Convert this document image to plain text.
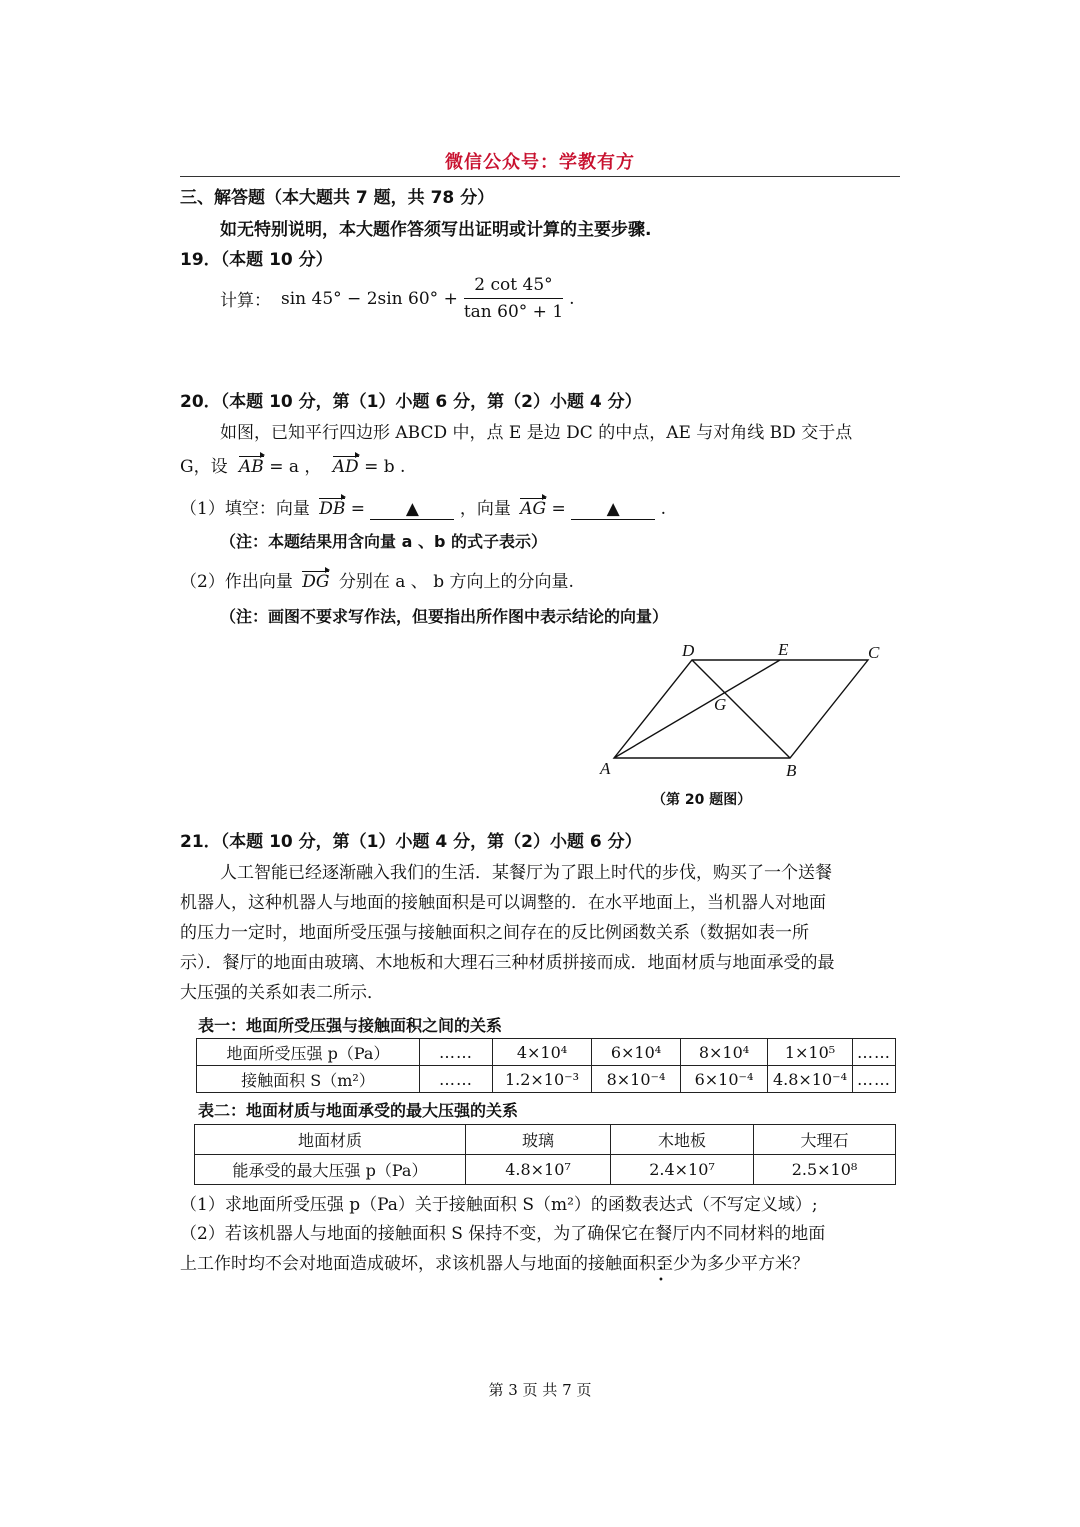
微信公众号：学教有方
三、解答题（本大题共 7 题，共 78 分）
如无特别说明，本大题作答须写出证明或计算的主要步骤.
19．（本题 10 分）
计算： sin 45° − 2sin $60^\circ + \frac{2 \cot 45^\circ}{\tan 60^\circ + 1}$ .
20．（本题 10 分，第（1）小题 6 分，第（2）小题 4 分）
如图，已知平行四边形 ABCD 中，点 E 是边 DC 的中点，AE 与对角线 BD 交于点
G，设 AB = a ， AD = b .
（1）填空：向量 DB = ▲ ，向量 AG = ▲ .
（注：本题结果用含向量 a 、b 的式子表示）
（2）作出向量 DG 分别在 a 、 b 方向上的分向量.
（注：画图不要求写作法，但要指出所作图中表示结论的向量）
D	E	C
G
A	B
（第 20 题图）
21．（本题 10 分，第（1）小题 4 分，第（2）小题 6 分）
人工智能已经逐渐融入我们的生活．某餐厅为了跟上时代的步伐，购买了一个送餐
机器人，这种机器人与地面的接触面积是可以调整的．在水平地面上，当机器人对地面
的压力一定时，地面所受压强与接触面积之间存在的反比例函数关系（数据如表一所
示）．餐厅的地面由玻璃、木地板和大理石三种材质拼接而成．地面材质与地面承受的最
大压强的关系如表二所示．
表一：地面所受压强与接触面积之间的关系
地面所受压强 p（Pa）	……	4×10⁴	6×10⁴	8×10⁴	1×10⁵	……
接触面积 S（m²）	……	1.2×10⁻³	8×10⁻⁴	6×10⁻⁴	4.8×10⁻⁴	……
表二：地面材质与地面承受的最大压强的关系
地面材质	玻璃	木地板	大理石
能承受的最大压强 p（Pa）	4.8×10⁷	2.4×10⁷	2.5×10⁸
（1）求地面所受压强 p（Pa）关于接触面积 S（m²）的函数表达式（不写定义域）;
（2）若该机器人与地面的接触面积 S 保持不变，为了确保它在餐厅内不同材料的地面
上工作时均不会对地面造成破坏，求该机器人与地面的接触面积至少 • •为多少平方米？
第 3 页 共 7 页
